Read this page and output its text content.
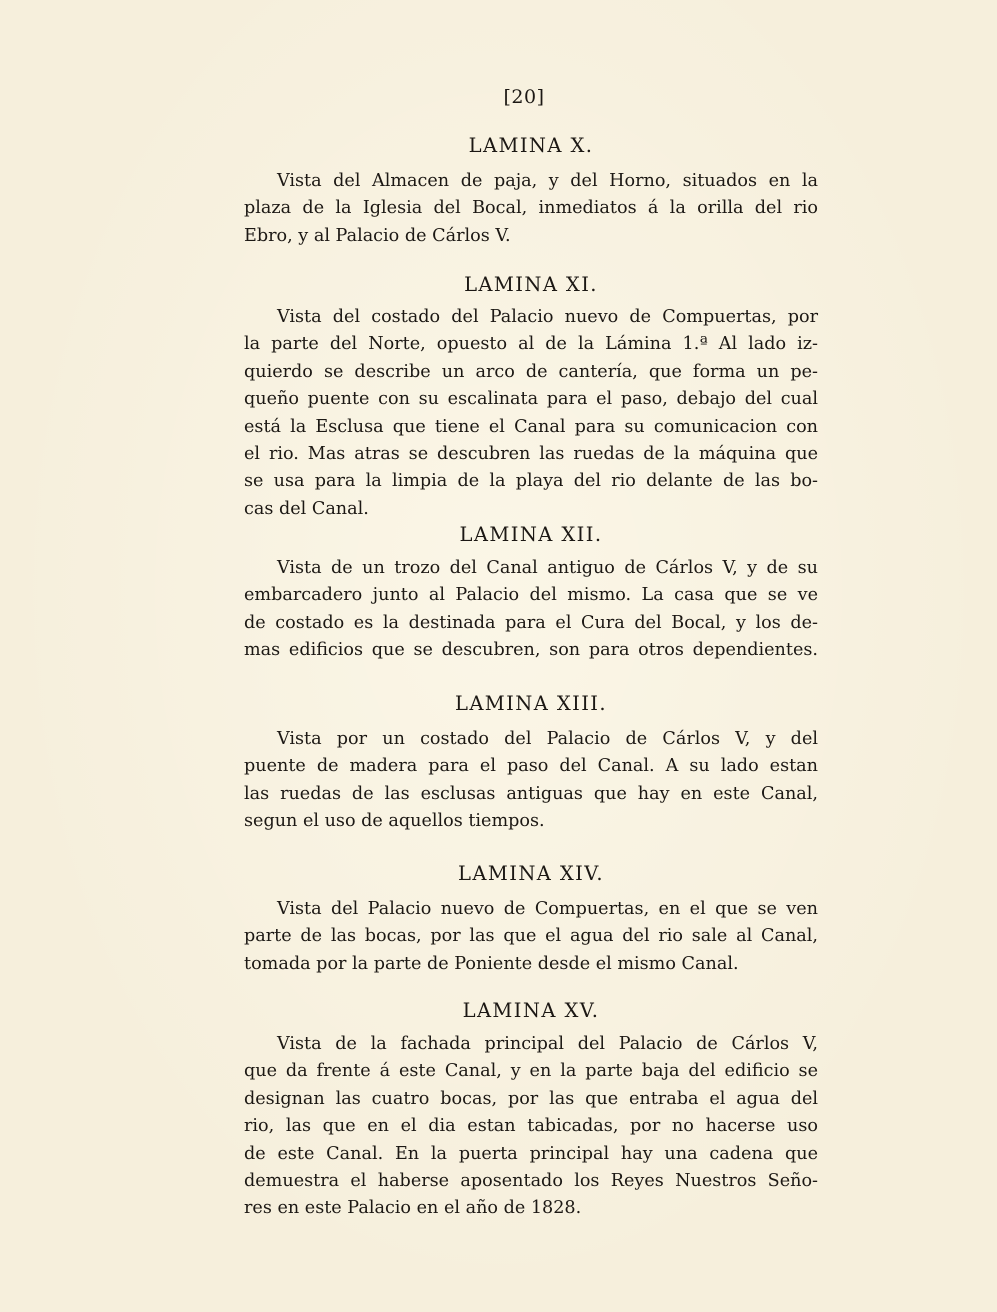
[20]
LAMINA X.
Vista del Almacen de paja, y del Horno, situados en la
plaza de la Iglesia del Bocal, inmediatos á la orilla del rio
Ebro, y al Palacio de Cárlos V.
LAMINA XI.
Vista del costado del Palacio nuevo de Compuertas, por
la parte del Norte, opuesto al de la Lámina 1.ª Al lado iz-
quierdo se describe un arco de cantería, que forma un pe-
queño puente con su escalinata para el paso, debajo del cual
está la Esclusa que tiene el Canal para su comunicacion con
el rio. Mas atras se descubren las ruedas de la máquina que
se usa para la limpia de la playa del rio delante de las bo-
cas del Canal.
LAMINA XII.
Vista de un trozo del Canal antiguo de Cárlos V, y de su
embarcadero junto al Palacio del mismo. La casa que se ve
de costado es la destinada para el Cura del Bocal, y los de-
mas edificios que se descubren, son para otros dependientes.
LAMINA XIII.
Vista por un costado del Palacio de Cárlos V, y del
puente de madera para el paso del Canal. A su lado estan
las ruedas de las esclusas antiguas que hay en este Canal,
segun el uso de aquellos tiempos.
LAMINA XIV.
Vista del Palacio nuevo de Compuertas, en el que se ven
parte de las bocas, por las que el agua del rio sale al Canal,
tomada por la parte de Poniente desde el mismo Canal.
LAMINA XV.
Vista de la fachada principal del Palacio de Cárlos V,
que da frente á este Canal, y en la parte baja del edificio se
designan las cuatro bocas, por las que entraba el agua del
rio, las que en el dia estan tabicadas, por no hacerse uso
de este Canal. En la puerta principal hay una cadena que
demuestra el haberse aposentado los Reyes Nuestros Seño-
res en este Palacio en el año de 1828.
